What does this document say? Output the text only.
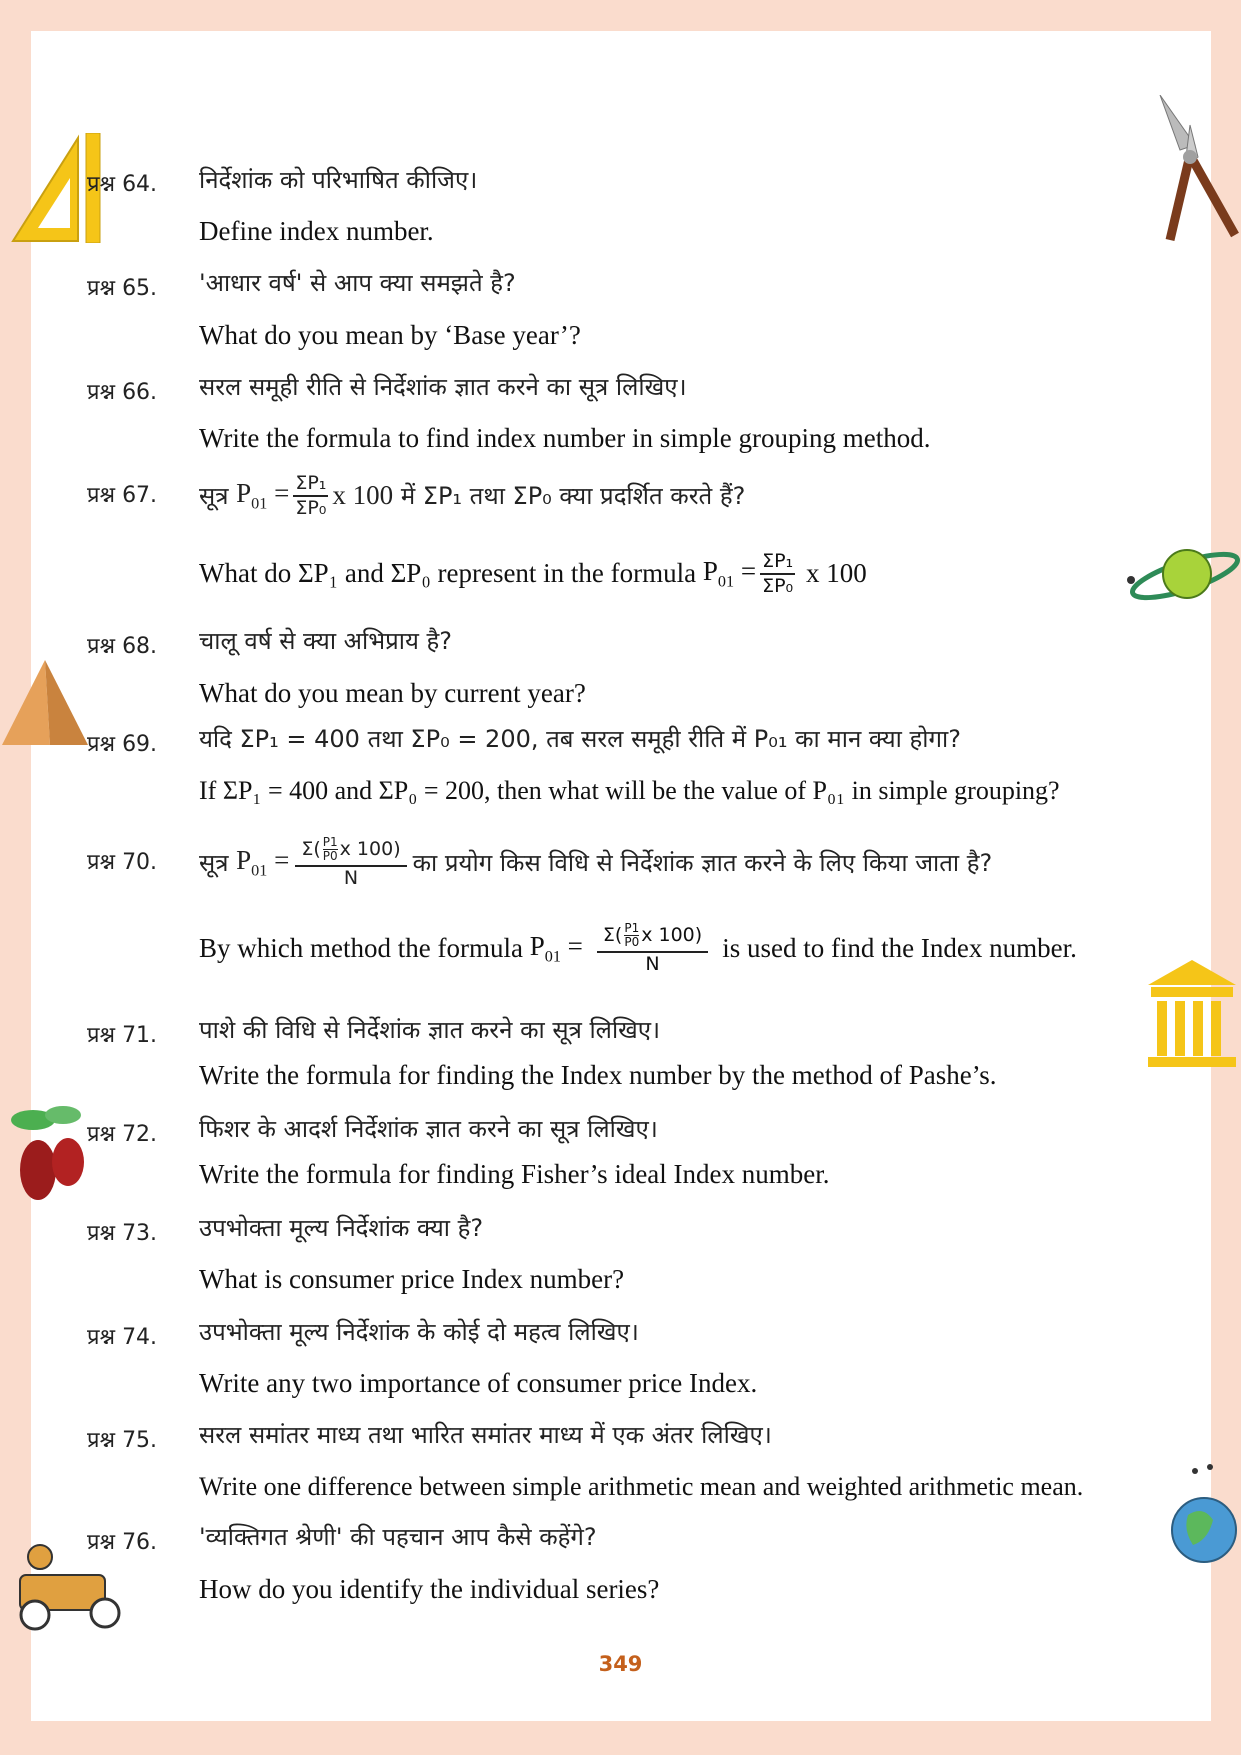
प्रश्न 64. निर्देशांक को परिभाषित कीजिए।
Define index number.
प्रश्न 65. 'आधार वर्ष' से आप क्या समझते है?
What do you mean by ‘Base year’?
प्रश्न 66. सरल समूही रीति से निर्देशांक ज्ञात करने का सूत्र लिखिए।
Write the formula to find index number in simple grouping method.
प्रश्न 67. सूत्र
$P_{01} = \frac{\text{ΣP₁}}{\text{ΣP₀}}$ x 100
में ΣP₁ तथा ΣP₀ क्या प्रदर्शित करते हैं?
What do ΣP₁ and ΣP₀ represent in the formula
$P_{01} = \frac{\text{ΣP₁}}{\text{ΣP₀}}$
x 100
प्रश्न 68. चालू वर्ष से क्या अभिप्राय है?
What do you mean by current year?
प्रश्न 69. यदि ΣP₁ = 400 तथा ΣP₀ = 200, तब सरल समूही रीति में P₀₁ का मान क्या होगा?
If ΣP₁ = 400 and ΣP₀ = 200, then what will be the value of P₀₁ in simple grouping?
प्रश्न 70. सूत्र
$P_{01} = \frac{\Sigma( \frac{P1}{P0} x 100)}{N}$ का प्रयोग किस विधि से निर्देशांक ज्ञात करने के लिए किया जाता है?
By which method the formula
$P_{01} = \frac{\Sigma( \frac{P1}{P0} x 100)}{N}$ is used to find the Index number.
प्रश्न 71. पाशे की विधि से निर्देशांक ज्ञात करने का सूत्र लिखिए।
Write the formula for finding the Index number by the method of Pashe’s.
प्रश्न 72. फिशर के आदर्श निर्देशांक ज्ञात करने का सूत्र लिखिए।
Write the formula for finding Fisher’s ideal Index number.
प्रश्न 73. उपभोक्ता मूल्य निर्देशांक क्या है?
What is consumer price Index number?
प्रश्न 74. उपभोक्ता मूल्य निर्देशांक के कोई दो महत्व लिखिए।
Write any two importance of consumer price Index.
प्रश्न 75. सरल समांतर माध्य तथा भारित समांतर माध्य में एक अंतर लिखिए।
Write one difference between simple arithmetic mean and weighted arithmetic mean.
प्रश्न 76. 'व्यक्तिगत श्रेणी' की पहचान आप कैसे कहेंगे?
How do you identify the individual series?
349
